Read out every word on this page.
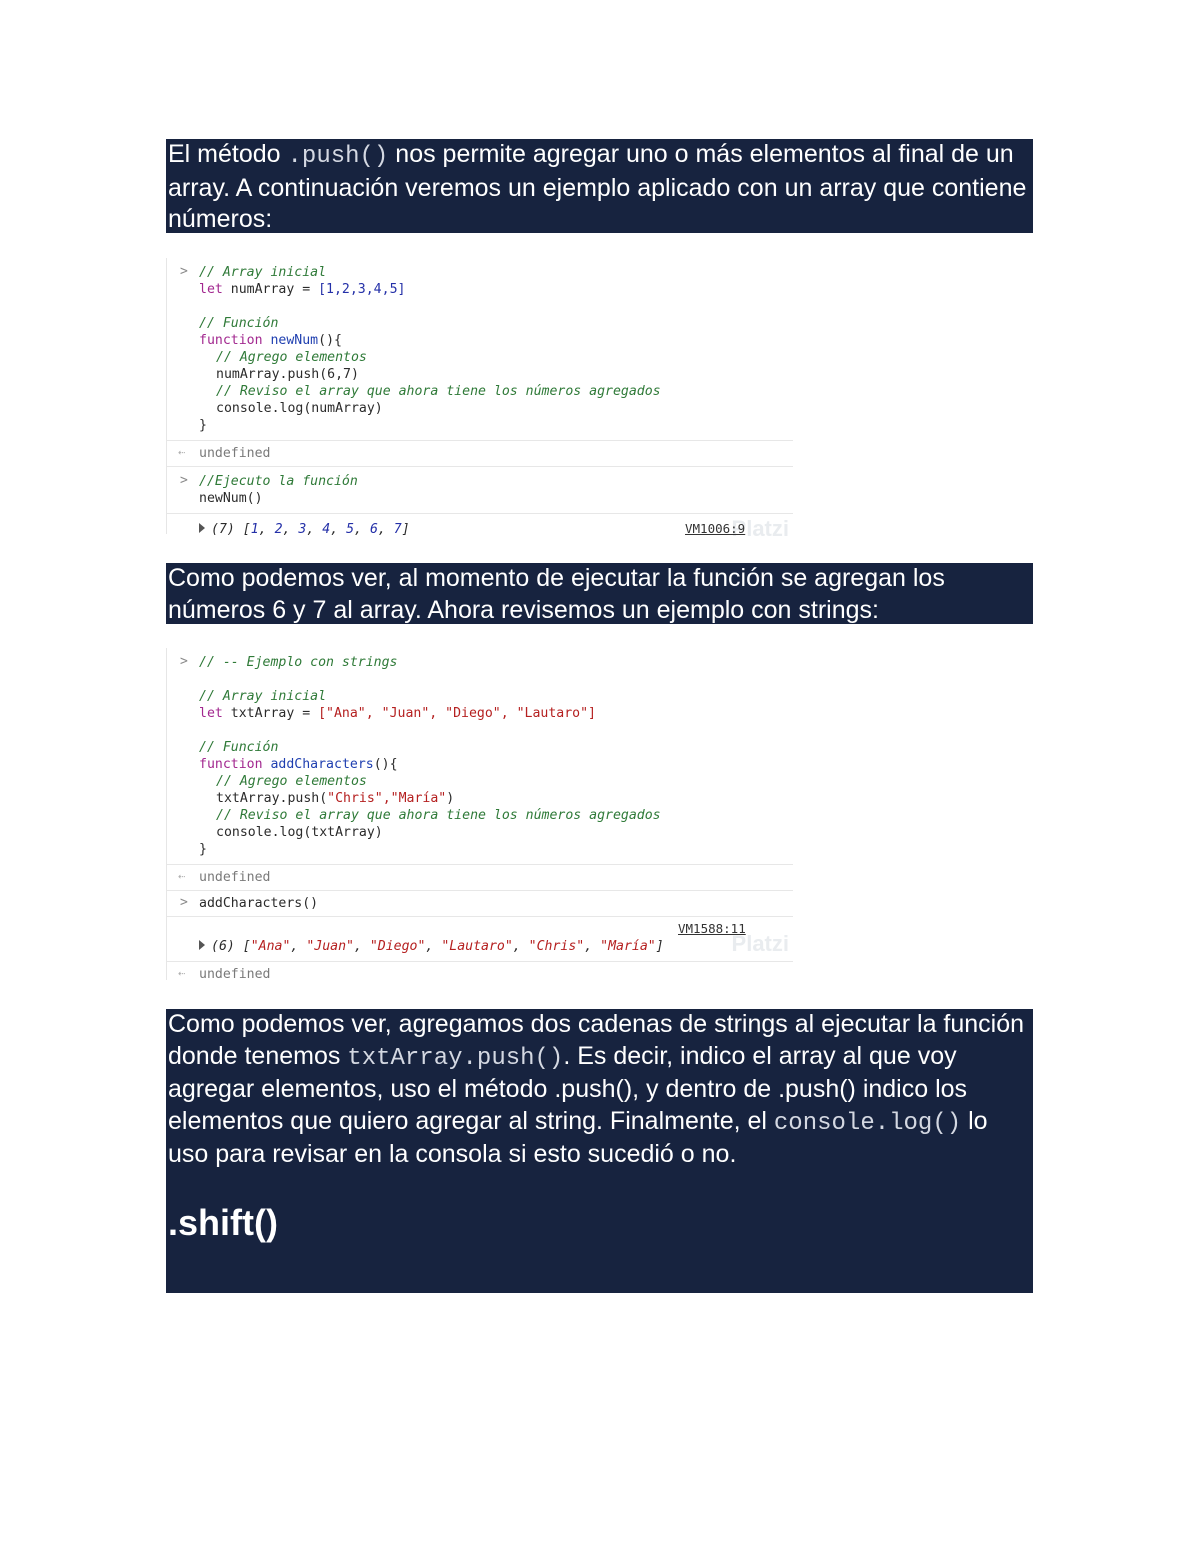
El método .push() nos permite agregar uno o más elementos al final de un array. A continuación veremos un ejemplo aplicado con un array que contiene números:

> // Array inicial
let numArray = [1,2,3,4,5]
// Función
function newNum(){
// Agrego elementos
numArray.push(6,7)
// Reviso el array que ahora tiene los números agregados
console.log(numArray)
}
⇠ undefined
> //Ejecuto la función
newNum()
(7) [1, 2, 3, 4, 5, 6, 7]	Platzi
VM1006:9

Como podemos ver, al momento de ejecutar la función se agregan los números 6 y 7 al array. Ahora revisemos un ejemplo con strings:

> // -- Ejemplo con strings
// Array inicial
let txtArray = ["Ana", "Juan", "Diego", "Lautaro"]
// Función
function addCharacters(){
// Agrego elementos
txtArray.push("Chris","María")
// Reviso el array que ahora tiene los números agregados
console.log(txtArray)
}
⇠ undefined
> addCharacters()
VM1588:11
Platzi
(6) ["Ana", "Juan", "Diego", "Lautaro", "Chris", "María"]
⇠ undefined

Como podemos ver, agregamos dos cadenas de strings al ejecutar la función donde tenemos txtArray.push(). Es decir, indico el array al que voy agregar elementos, uso el método .push(), y dentro de .push() indico los elementos que quiero agregar al string. Finalmente, el console.log() lo uso para revisar en la consola si esto sucedió o no.

.shift()
